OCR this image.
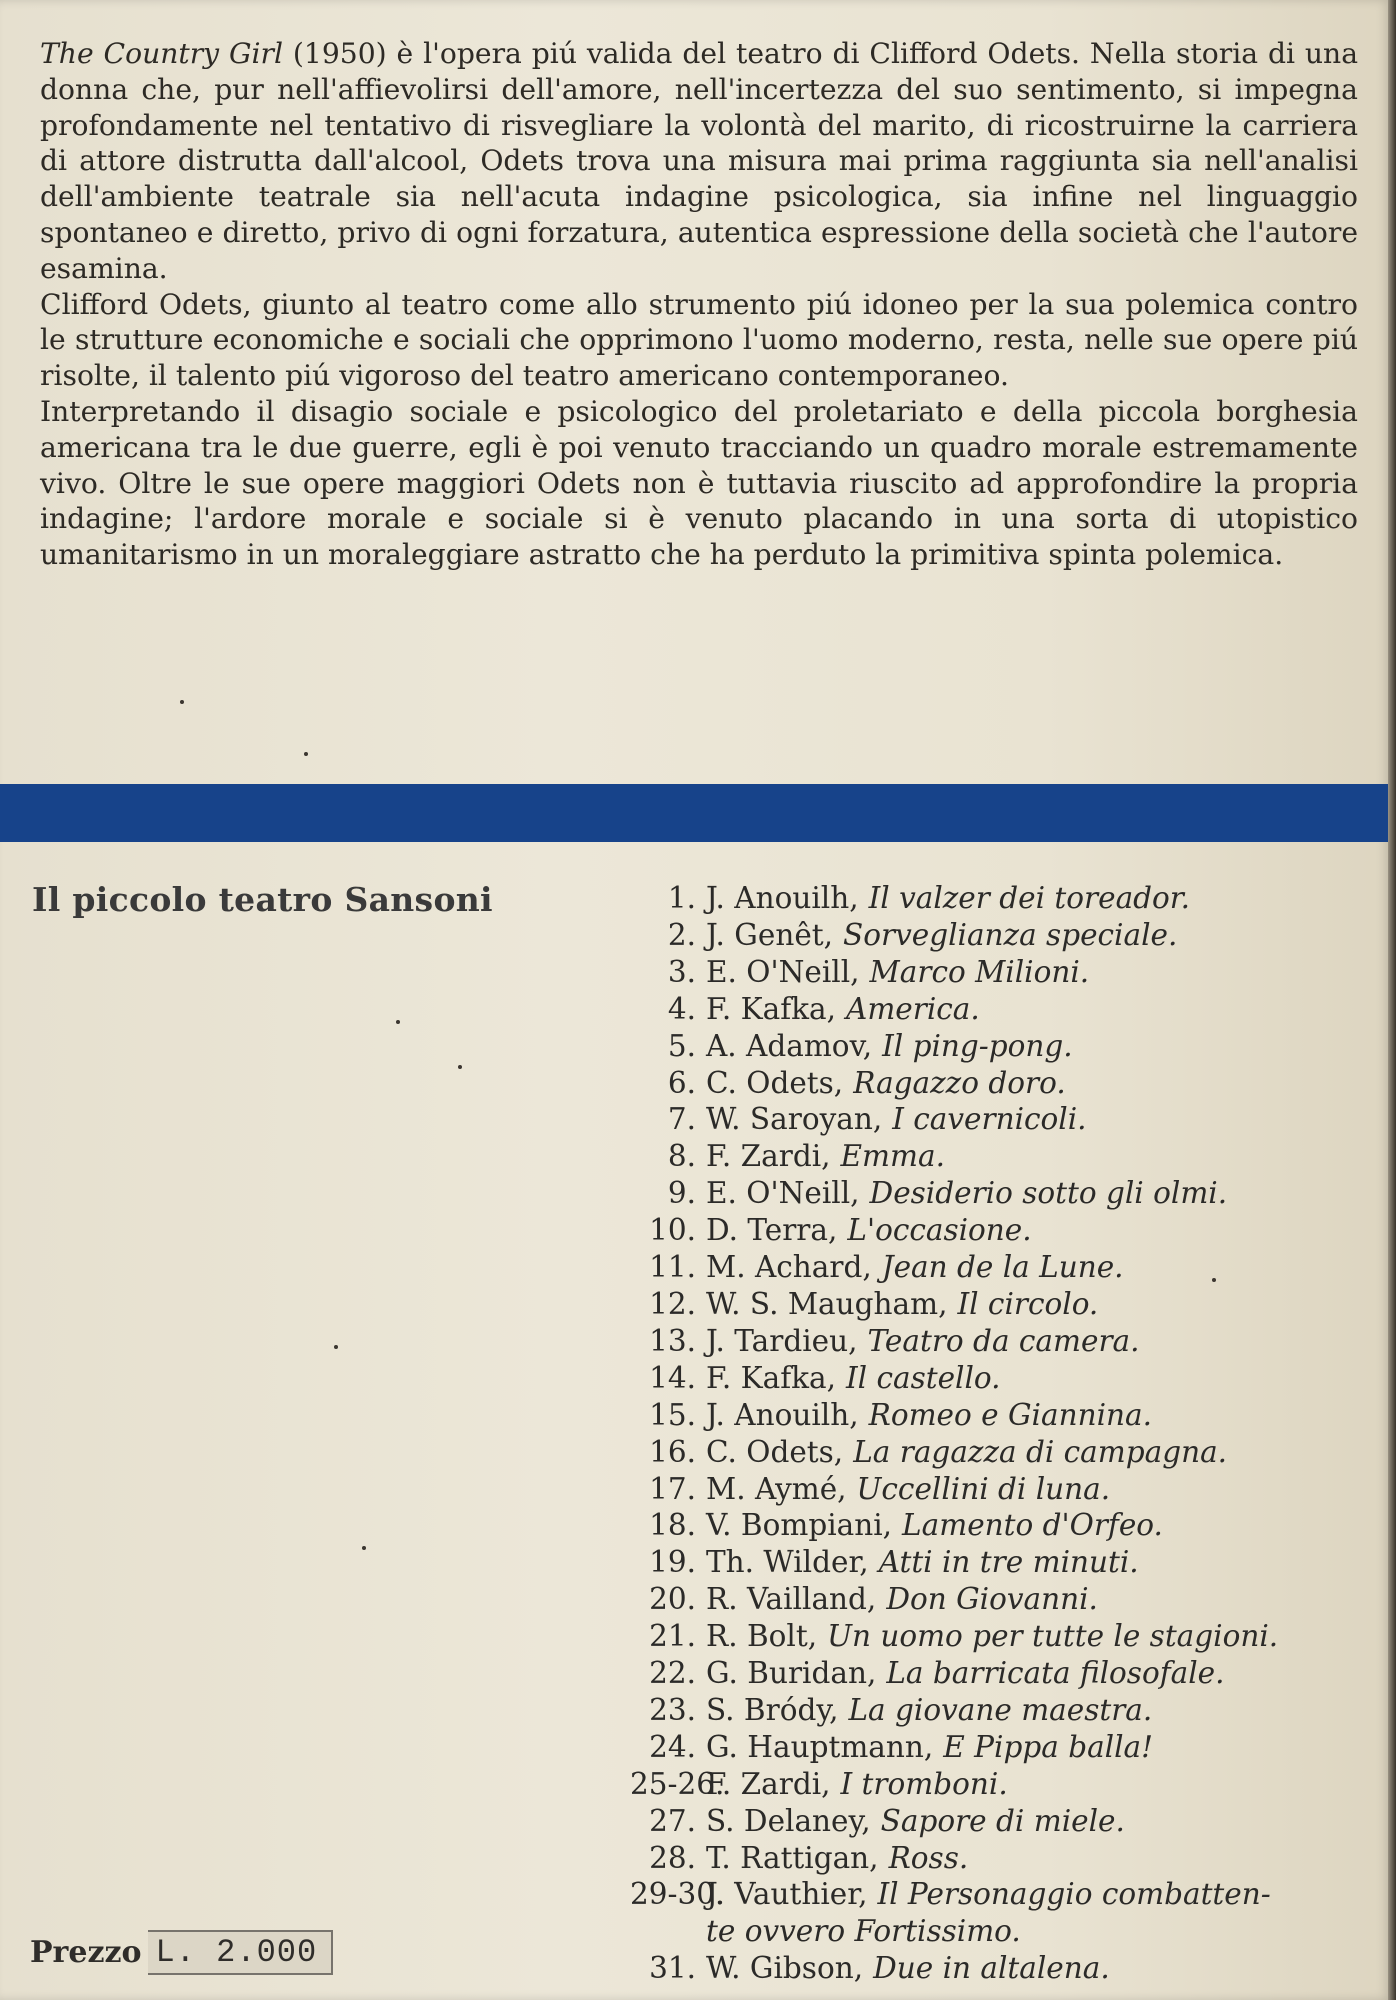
The Country Girl (1950) è l'opera piú valida del teatro di Clifford Odets. Nella storia di una donna che, pur nell'affievolirsi dell'amore, nell'incertezza del suo sentimento, si impegna profondamente nel tentativo di risvegliare la volontà del marito, di ricostruirne la carriera di attore distrutta dall'alcool, Odets trova una misura mai prima raggiunta sia nell'analisi dell'ambiente teatrale sia nell'acuta indagine psicologica, sia infine nel linguaggio spontaneo e diretto, privo di ogni forzatura, autentica espressione della società che l'autore esamina.

Clifford Odets, giunto al teatro come allo strumento piú idoneo per la sua polemica contro le strutture economiche e sociali che opprimono l'uomo moderno, resta, nelle sue opere piú risolte, il talento piú vigoroso del teatro americano contemporaneo.

Interpretando il disagio sociale e psicologico del proletariato e della piccola borghesia americana tra le due guerre, egli è poi venuto tracciando un quadro morale estremamente vivo. Oltre le sue opere maggiori Odets non è tuttavia riuscito ad approfondire la propria indagine; l'ardore morale e sociale si è venuto placando in una sorta di utopistico umanitarismo in un moraleggiare astratto che ha perduto la primitiva spinta polemica.

Il piccolo teatro Sansoni	1. J. Anouilh, Il valzer dei toreador.
2. J. Genêt, Sorveglianza speciale.
3. E. O'Neill, Marco Milioni.
4. F. Kafka, America.
5. A. Adamov, Il ping-pong.
6. C. Odets, Ragazzo doro.
7. W. Saroyan, I cavernicoli.
8. F. Zardi, Emma.
9. E. O'Neill, Desiderio sotto gli olmi.
10. D. Terra, L'occasione.
11. M. Achard, Jean de la Lune.
12. W. S. Maugham, Il circolo.
13. J. Tardieu, Teatro da camera.
14. F. Kafka, Il castello.
15. J. Anouilh, Romeo e Giannina.
16. C. Odets, La ragazza di campagna.
17. M. Aymé, Uccellini di luna.
18. V. Bompiani, Lamento d'Orfeo.
19. Th. Wilder, Atti in tre minuti.
20. R. Vailland, Don Giovanni.
21. R. Bolt, Un uomo per tutte le stagioni.
22. G. Buridan, La barricata filosofale.
23. S. Bródy, La giovane maestra.
24. G. Hauptmann, E Pippa balla!
25-26.
F. Zardi, I tromboni.
27. S. Delaney, Sapore di miele.
28. T. Rattigan, Ross.
29-30.
J. Vauthier, Il Personaggio combatten-
te ovvero Fortissimo.
31. W. Gibson, Due in altalena.
Prezzo L. 2.000
